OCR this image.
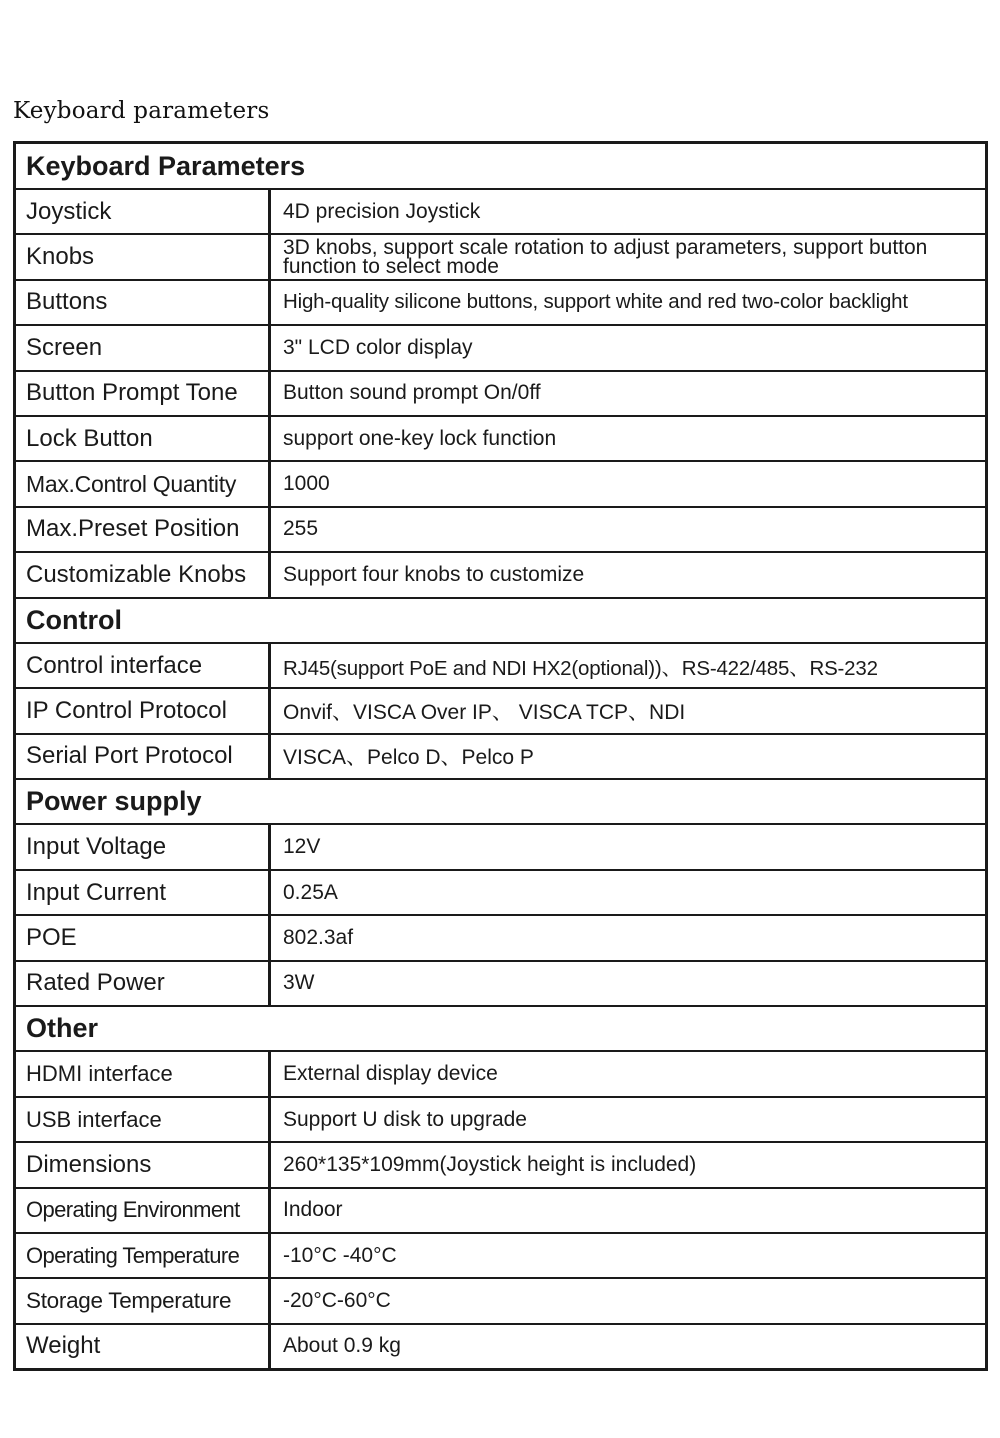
Keyboard parameters
Keyboard Parameters
Joystick	4D precision Joystick
Knobs	3D knobs, support scale rotation to adjust parameters, support button function to select mode
Buttons	High-quality silicone buttons, support white and red two-color backlight
Screen	3" LCD color display
Button Prompt Tone	Button sound prompt On/0ff
Lock Button	support one-key lock function
Max.Control Quantity	1000
Max.Preset Position	255
Customizable Knobs	Support four knobs to customize
Control
Control interface	RJ45(support PoE and NDI HX2(optional))、RS-422/485、RS-232
IP Control Protocol	Onvif、VISCA Over IP、 VISCA TCP、NDI
Serial Port Protocol	VISCA、Pelco D、Pelco P
Power supply
Input Voltage	12V
Input Current	0.25A
POE	802.3af
Rated Power	3W
Other
HDMI interface	External display device
USB interface	Support U disk to upgrade
Dimensions	260*135*109mm(Joystick height is included)
Operating Environment	Indoor
Operating Temperature	-10°C -40°C
Storage Temperature	-20°C-60°C
Weight	About 0.9 kg
